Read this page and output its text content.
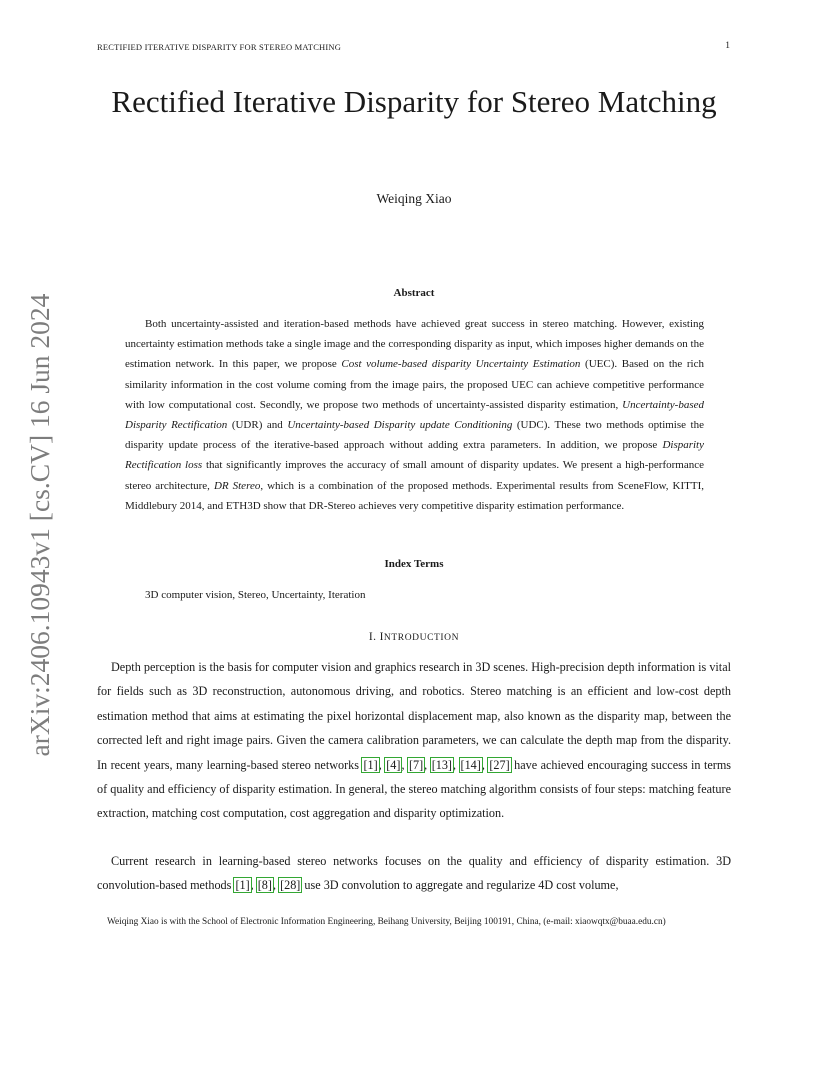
RECTIFIED ITERATIVE DISPARITY FOR STEREO MATCHING	1
arXiv:2406.10943v1 [cs.CV] 16 Jun 2024
Rectified Iterative Disparity for Stereo Matching
Weiqing Xiao
Abstract

Both uncertainty-assisted and iteration-based methods have achieved great success in stereo matching. However, existing uncertainty estimation methods take a single image and the corresponding disparity as input, which imposes higher demands on the estimation network. In this paper, we propose Cost volume-based disparity Uncertainty Estimation (UEC). Based on the rich similarity information in the cost volume coming from the image pairs, the proposed UEC can achieve competitive performance with low computational cost. Secondly, we propose two methods of uncertainty-assisted disparity estimation, Uncertainty-based Disparity Rectification (UDR) and Uncertainty-based Disparity update Conditioning (UDC). These two methods optimise the disparity update process of the iterative-based approach without adding extra parameters. In addition, we propose Disparity Rectification loss that significantly improves the accuracy of small amount of disparity updates. We present a high-performance stereo architecture, DR Stereo, which is a combination of the proposed methods. Experimental results from SceneFlow, KITTI, Middlebury 2014, and ETH3D show that DR-Stereo achieves very competitive disparity estimation performance.

Index Terms
3D computer vision, Stereo, Uncertainty, Iteration
I. INTRODUCTION

Depth perception is the basis for computer vision and graphics research in 3D scenes. High-precision depth information is vital for fields such as 3D reconstruction, autonomous driving, and robotics. Stereo matching is an efficient and low-cost depth estimation method that aims at estimating the pixel horizontal displacement map, also known as the disparity map, between the corrected left and right image pairs. Given the camera calibration parameters, we can calculate the depth map from the disparity. In recent years, many learning-based stereo networks [1], [4], [7], [13], [14], [27] have achieved encouraging success in terms of quality and efficiency of disparity estimation. In general, the stereo matching algorithm consists of four steps: matching feature extraction, matching cost computation, cost aggregation and disparity optimization.

Current research in learning-based stereo networks focuses on the quality and efficiency of disparity estimation. 3D convolution-based methods [1], [8], [28] use 3D convolution to aggregate and regularize 4D cost volume,

Weiqing Xiao is with the School of Electronic Information Engineering, Beihang University, Beijing 100191, China, (e-mail: xiaowqtx@buaa.edu.cn)
